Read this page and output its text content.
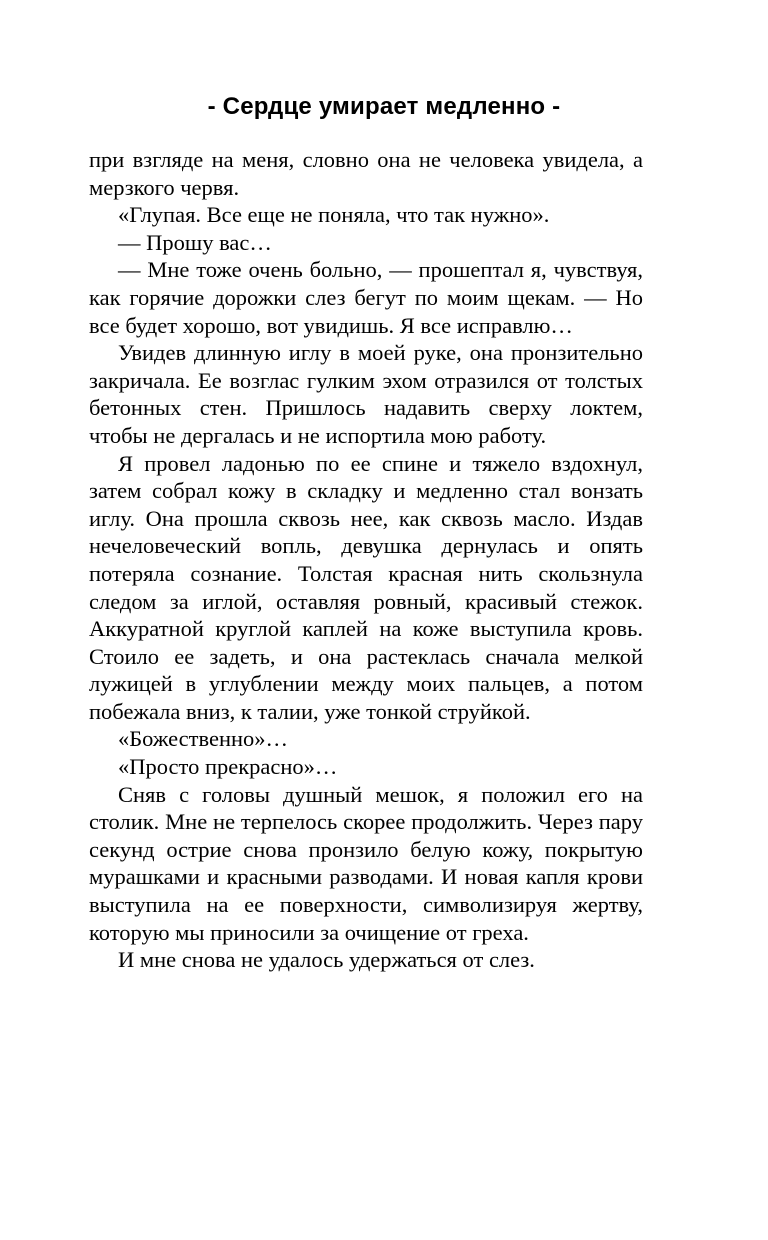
- Сердце умирает медленно -

при взгляде на меня, словно она не человека увидела, а мерзкого червя.

«Глупая. Все еще не поняла, что так нужно».

— Прошу вас…

— Мне тоже очень больно, — прошептал я, чувствуя, как горячие дорожки слез бегут по моим щекам. — Но все будет хорошо, вот увидишь. Я все исправлю…

Увидев длинную иглу в моей руке, она пронзительно закричала. Ее возглас гулким эхом отразился от толстых бетонных стен. Пришлось надавить сверху локтем, чтобы не дергалась и не испортила мою работу.

Я провел ладонью по ее спине и тяжело вздохнул, затем собрал кожу в складку и медленно стал вонзать иглу. Она прошла сквозь нее, как сквозь масло. Издав нечеловеческий вопль, девушка дернулась и опять потеряла сознание. Толстая красная нить скользнула следом за иглой, оставляя ровный, красивый стежок. Аккуратной круглой каплей на коже выступила кровь. Стоило ее задеть, и она растеклась сначала мелкой лужицей в углублении между моих пальцев, а потом побежала вниз, к талии, уже тонкой струйкой.

«Божественно»…

«Просто прекрасно»…

Сняв с головы душный мешок, я положил его на столик. Мне не терпелось скорее продолжить. Через пару секунд острие снова пронзило белую кожу, покрытую мурашками и красными разводами. И новая капля крови выступила на ее поверхности, символизируя жертву, которую мы приносили за очищение от греха.

И мне снова не удалось удержаться от слез.
